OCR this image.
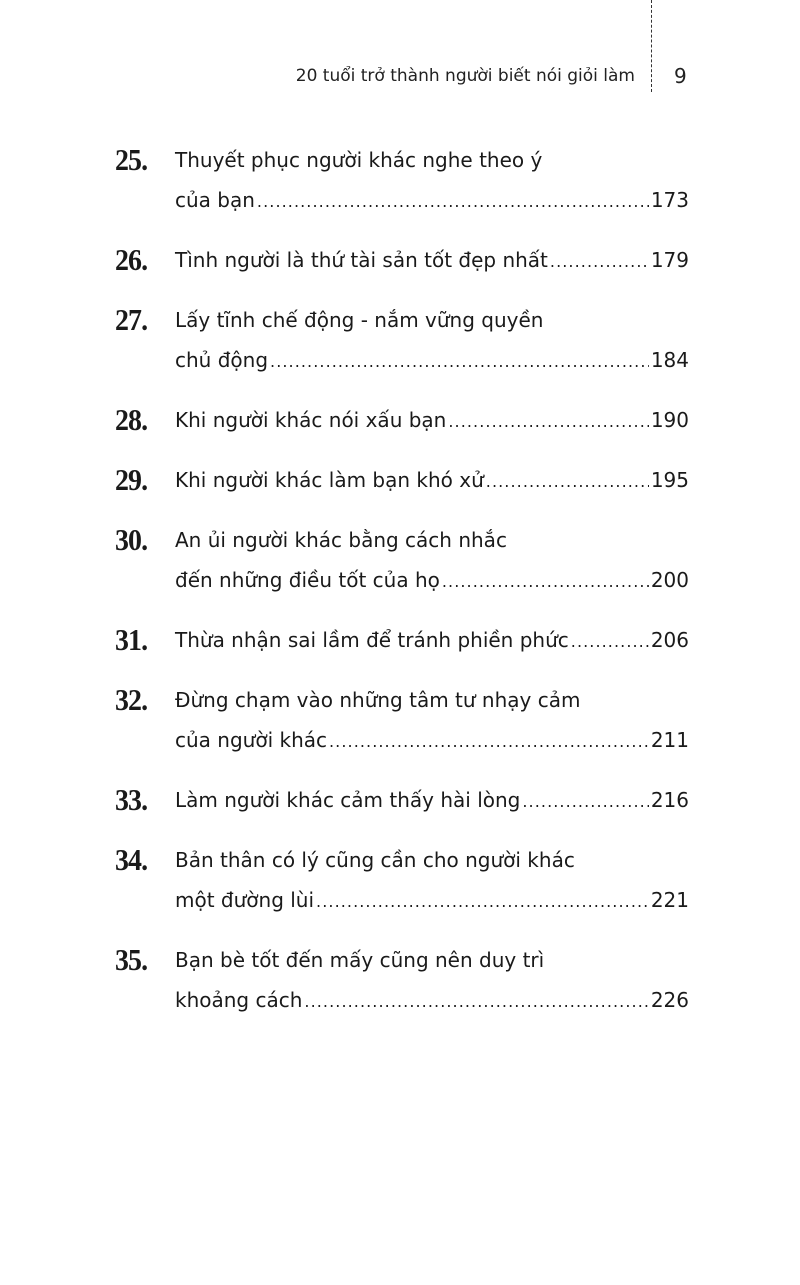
20 tuổi trở thành người biết nói giỏi làm 9
25.	Thuyết phục người khác nghe theo ý
của bạn . . .	173
26.	Tình người là thứ tài sản tốt đẹp nhất . . .	179
27.	Lấy tĩnh chế động - nắm vững quyền
chủ động . . .	184
28.	Khi người khác nói xấu bạn . . .	190
29.	Khi người khác làm bạn khó xử . . .	195
30.	An ủi người khác bằng cách nhắc
đến những điều tốt của họ . . .	200
31.	Thừa nhận sai lầm để tránh phiền phức . . .	206
32.	Đừng chạm vào những tâm tư nhạy cảm
của người khác . . .	211
33.	Làm người khác cảm thấy hài lòng . . .	216
34.	Bản thân có lý cũng cần cho người khác
một đường lùi . . .	221
35.	Bạn bè tốt đến mấy cũng nên duy trì
khoảng cách . . .	226
